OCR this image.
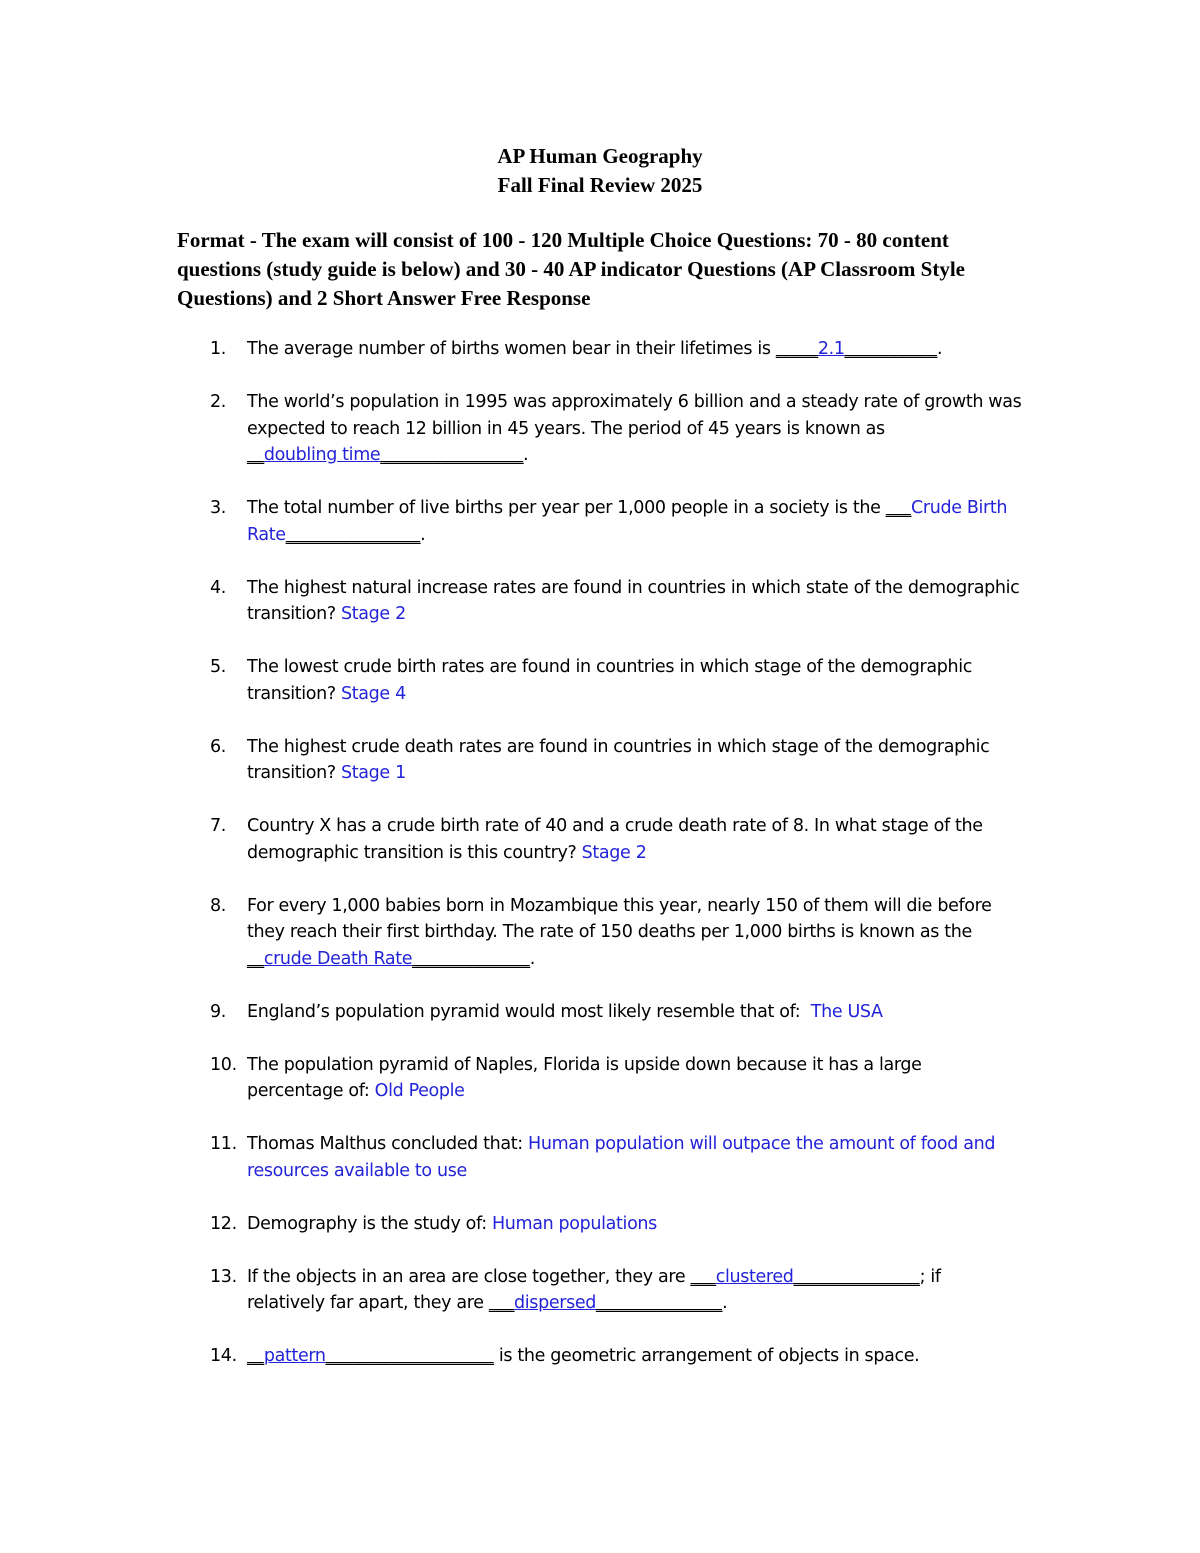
AP Human Geography
Fall Final Review 2025
Format - The exam will consist of 100 - 120 Multiple Choice Questions: 70 - 80 content questions (study guide is below) and 30 - 40 AP indicator Questions (AP Classroom Style Questions) and 2 Short Answer Free Response
1. The average number of births women bear in their lifetimes is _____2.1___________.
2. The world’s population in 1995 was approximately 6 billion and a steady rate of growth was expected to reach 12 billion in 45 years. The period of 45 years is known as __doubling time_________________.
3. The total number of live births per year per 1,000 people in a society is the ___Crude Birth Rate________________.
4. The highest natural increase rates are found in countries in which state of the demographic transition? Stage 2
5. The lowest crude birth rates are found in countries in which stage of the demographic transition? Stage 4
6. The highest crude death rates are found in countries in which stage of the demographic transition? Stage 1
7. Country X has a crude birth rate of 40 and a crude death rate of 8. In what stage of the demographic transition is this country? Stage 2
8. For every 1,000 babies born in Mozambique this year, nearly 150 of them will die before they reach their first birthday. The rate of 150 deaths per 1,000 births is known as the __crude Death Rate______________.
9. England’s population pyramid would most likely resemble that of:  The USA
10. The population pyramid of Naples, Florida is upside down because it has a large percentage of: Old People
11. Thomas Malthus concluded that: Human population will outpace the amount of food and resources available to use
12. Demography is the study of: Human populations
13. If the objects in an area are close together, they are ___clustered_______________; if relatively far apart, they are ___dispersed_______________.
14. __pattern____________________ is the geometric arrangement of objects in space.
